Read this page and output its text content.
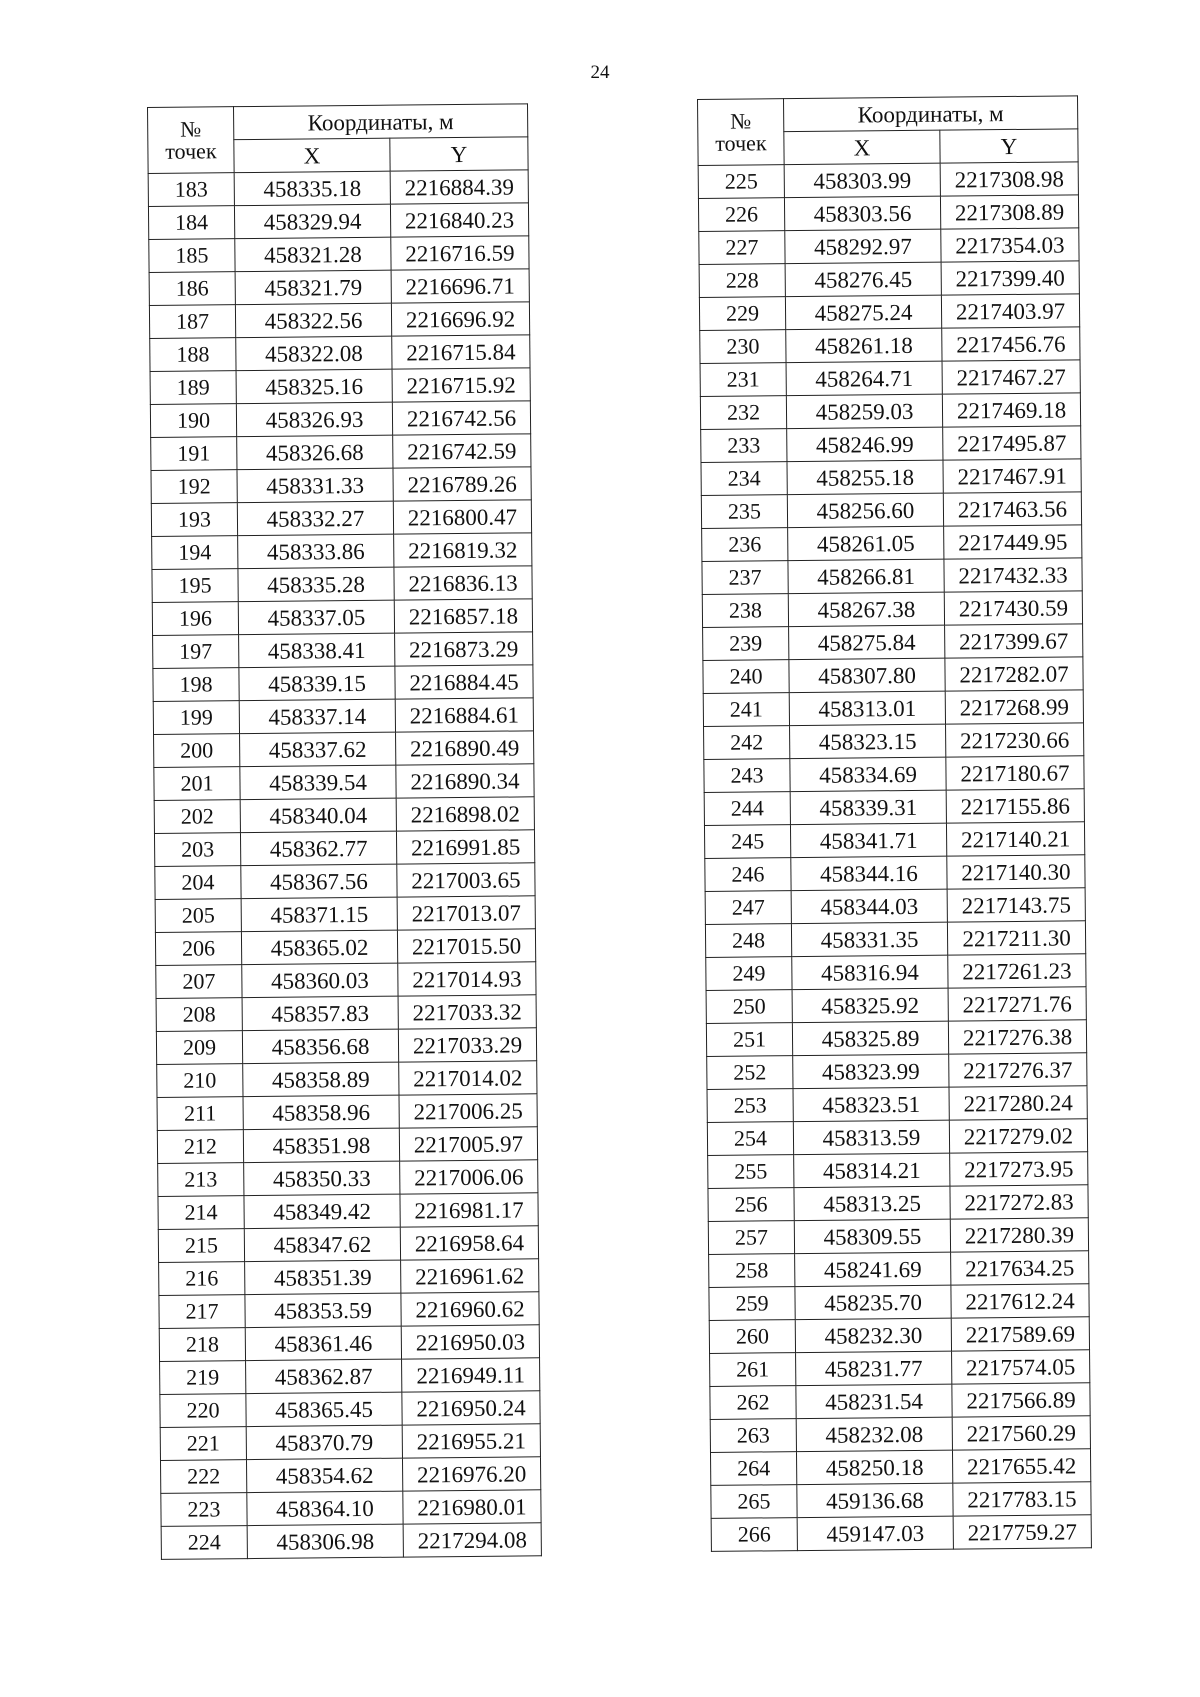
24
№
точек	Координаты, м	
	X	Y
183	458335.18	2216884.39
184	458329.94	2216840.23
185	458321.28	2216716.59
186	458321.79	2216696.71
187	458322.56	2216696.92
188	458322.08	2216715.84
189	458325.16	2216715.92
190	458326.93	2216742.56
191	458326.68	2216742.59
192	458331.33	2216789.26
193	458332.27	2216800.47
194	458333.86	2216819.32
195	458335.28	2216836.13
196	458337.05	2216857.18
197	458338.41	2216873.29
198	458339.15	2216884.45
199	458337.14	2216884.61
200	458337.62	2216890.49
201	458339.54	2216890.34
202	458340.04	2216898.02
203	458362.77	2216991.85
204	458367.56	2217003.65
205	458371.15	2217013.07
206	458365.02	2217015.50
207	458360.03	2217014.93
208	458357.83	2217033.32
209	458356.68	2217033.29
210	458358.89	2217014.02
211	458358.96	2217006.25
212	458351.98	2217005.97
213	458350.33	2217006.06
214	458349.42	2216981.17
215	458347.62	2216958.64
216	458351.39	2216961.62
217	458353.59	2216960.62
218	458361.46	2216950.03
219	458362.87	2216949.11
220	458365.45	2216950.24
221	458370.79	2216955.21
222	458354.62	2216976.20
223	458364.10	2216980.01
224	458306.98	2217294.08
№
точек	Координаты, м	
	X	Y
225	458303.99	2217308.98
226	458303.56	2217308.89
227	458292.97	2217354.03
228	458276.45	2217399.40
229	458275.24	2217403.97
230	458261.18	2217456.76
231	458264.71	2217467.27
232	458259.03	2217469.18
233	458246.99	2217495.87
234	458255.18	2217467.91
235	458256.60	2217463.56
236	458261.05	2217449.95
237	458266.81	2217432.33
238	458267.38	2217430.59
239	458275.84	2217399.67
240	458307.80	2217282.07
241	458313.01	2217268.99
242	458323.15	2217230.66
243	458334.69	2217180.67
244	458339.31	2217155.86
245	458341.71	2217140.21
246	458344.16	2217140.30
247	458344.03	2217143.75
248	458331.35	2217211.30
249	458316.94	2217261.23
250	458325.92	2217271.76
251	458325.89	2217276.38
252	458323.99	2217276.37
253	458323.51	2217280.24
254	458313.59	2217279.02
255	458314.21	2217273.95
256	458313.25	2217272.83
257	458309.55	2217280.39
258	458241.69	2217634.25
259	458235.70	2217612.24
260	458232.30	2217589.69
261	458231.77	2217574.05
262	458231.54	2217566.89
263	458232.08	2217560.29
264	458250.18	2217655.42
265	459136.68	2217783.15
266	459147.03	2217759.27
